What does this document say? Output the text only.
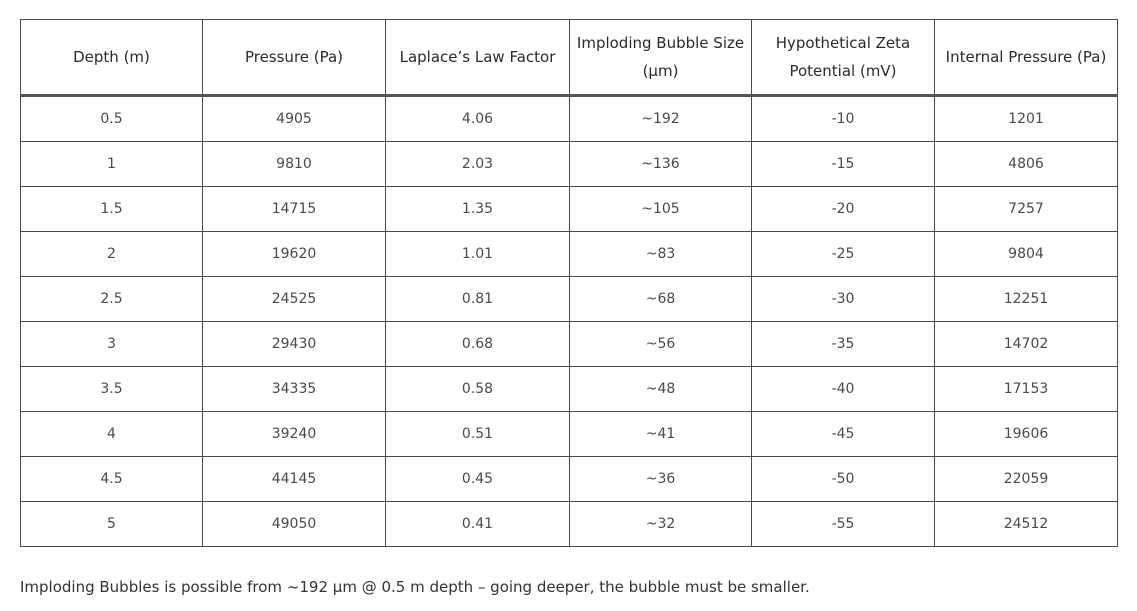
Depth (m)	Pressure (Pa)	Laplace’s Law Factor	Imploding Bubble Size (µm)	Hypothetical Zeta Potential (mV)	Internal Pressure (Pa)
0.5	4905	4.06	~192	-10	1201
1	9810	2.03	~136	-15	4806
1.5	14715	1.35	~105	-20	7257
2	19620	1.01	~83	-25	9804
2.5	24525	0.81	~68	-30	12251
3	29430	0.68	~56	-35	14702
3.5	34335	0.58	~48	-40	17153
4	39240	0.51	~41	-45	19606
4.5	44145	0.45	~36	-50	22059
5	49050	0.41	~32	-55	24512
Imploding Bubbles is possible from ~192 µm @ 0.5 m depth – going deeper, the bubble must be smaller.
